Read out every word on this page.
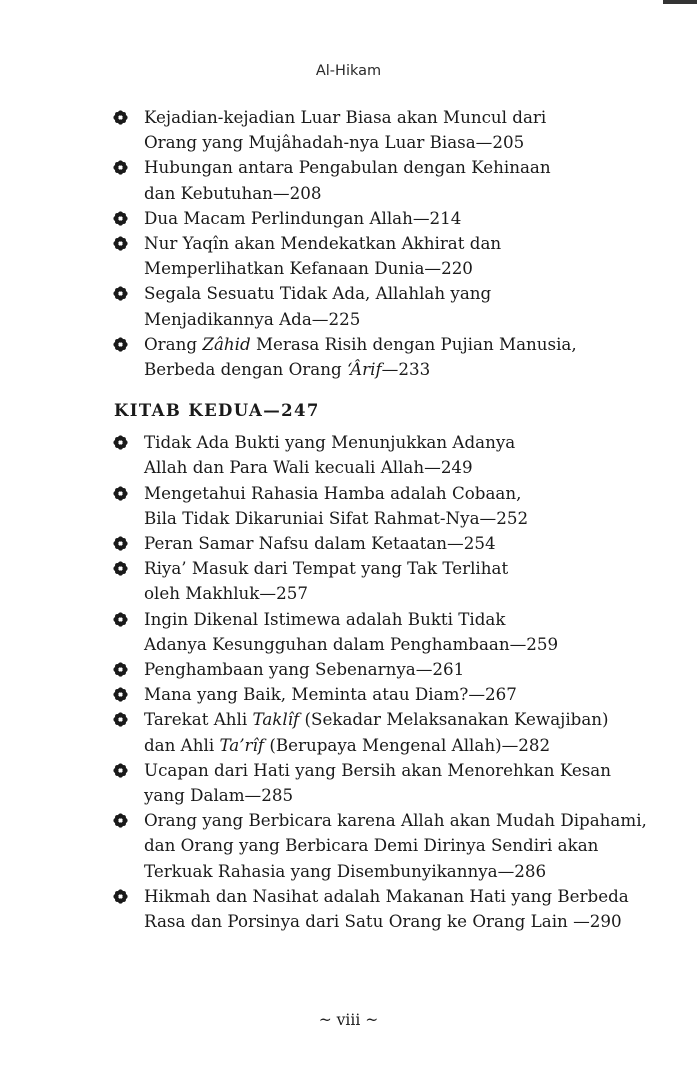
Al-Hikam
Kejadian-kejadian Luar Biasa akan Muncul dari
Orang yang Mujâhadah-nya Luar Biasa—205
Hubungan antara Pengabulan dengan Kehinaan
dan Kebutuhan—208
Dua Macam Perlindungan Allah—214
Nur Yaqîn akan Mendekatkan Akhirat dan
Memperlihatkan Kefanaan Dunia—220
Segala Sesuatu Tidak Ada, Allahlah yang
Menjadikannya Ada—225
Orang Zâhid Merasa Risih dengan Pujian Manusia,
Berbeda dengan Orang ‘Ârif—233
KITAB KEDUA—247
Tidak Ada Bukti yang Menunjukkan Adanya
Allah dan Para Wali kecuali Allah—249
Mengetahui Rahasia Hamba adalah Cobaan,
Bila Tidak Dikaruniai Sifat Rahmat-Nya—252
Peran Samar Nafsu dalam Ketaatan—254
Riya’ Masuk dari Tempat yang Tak Terlihat
oleh Makhluk—257
Ingin Dikenal Istimewa adalah Bukti Tidak
Adanya Kesungguhan dalam Penghambaan—259
Penghambaan yang Sebenarnya—261
Mana yang Baik, Meminta atau Diam?—267
Tarekat Ahli Taklîf (Sekadar Melaksanakan Kewajiban)
dan Ahli Ta’rîf (Berupaya Mengenal Allah)—282
Ucapan dari Hati yang Bersih akan Menorehkan Kesan
yang Dalam—285
Orang yang Berbicara karena Allah akan Mudah Dipahami,
dan Orang yang Berbicara Demi Dirinya Sendiri akan
Terkuak Rahasia yang Disembunyikannya—286
Hikmah dan Nasihat adalah Makanan Hati yang Berbeda
Rasa dan Porsinya dari Satu Orang ke Orang Lain —290
~ viii ~
